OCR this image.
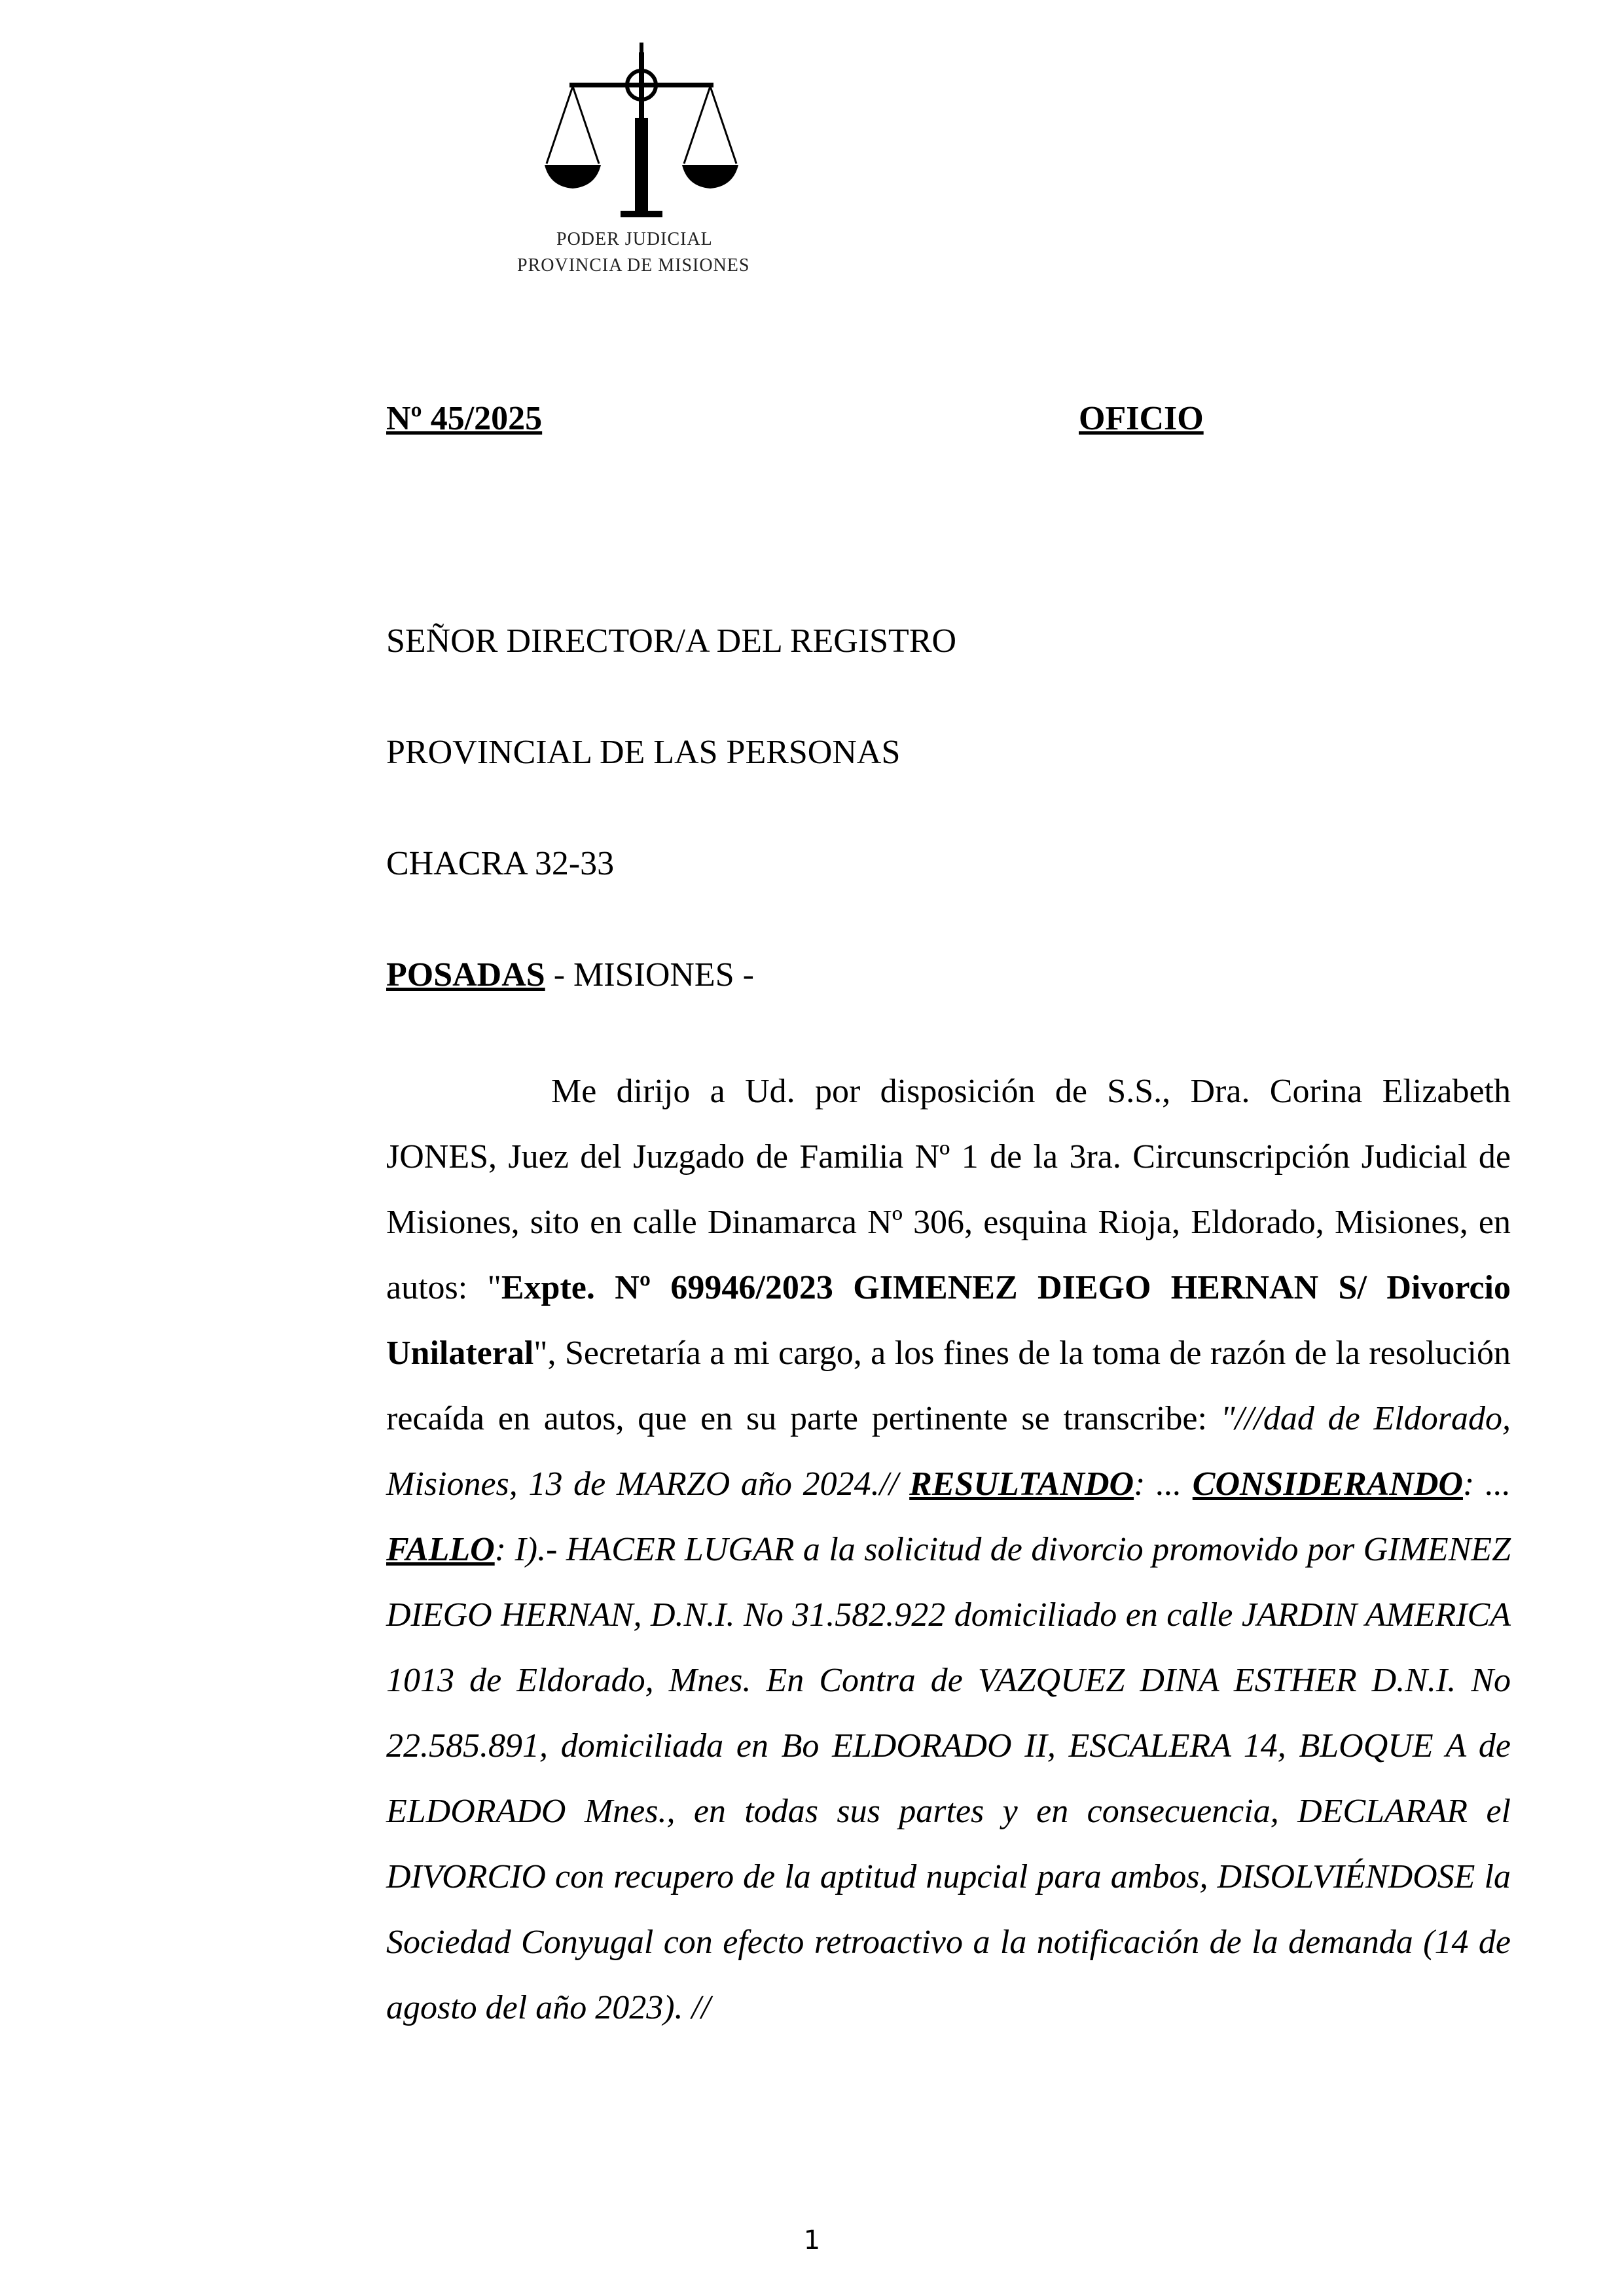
PODER JUDICIAL
PROVINCIA DE MISIONES
Nº 45/2025	OFICIO
SEÑOR DIRECTOR/A DEL REGISTRO
PROVINCIAL DE LAS PERSONAS
CHACRA 32-33
POSADAS - MISIONES -
Me dirijo a Ud. por disposición de S.S., Dra. Corina Elizabeth JONES, Juez del Juzgado de Familia Nº 1 de la 3ra. Circunscripción Judicial de Misiones, sito en calle Dinamarca Nº 306, esquina Rioja, Eldorado, Misiones, en autos: "Expte. Nº 69946/2023 GIMENEZ DIEGO HERNAN S/ Divorcio Unilateral", Secretaría a mi cargo, a los fines de la toma de razón de la resolución recaída en autos, que en su parte pertinente se transcribe: "///dad de Eldorado, Misiones, 13 de MARZO año 2024.// RESULTANDO: ... CONSIDERANDO: ... FALLO: I).- HACER LUGAR a la solicitud de divorcio promovido por GIMENEZ DIEGO HERNAN, D.N.I. No 31.582.922 domiciliado en calle JARDIN AMERICA 1013 de Eldorado, Mnes. En Contra de VAZQUEZ DINA ESTHER D.N.I. No 22.585.891, domiciliada en Bo ELDORADO II, ESCALERA 14, BLOQUE A de ELDORADO Mnes., en todas sus partes y en consecuencia, DECLARAR el DIVORCIO con recupero de la aptitud nupcial para ambos, DISOLVIÉNDOSE la Sociedad Conyugal con efecto retroactivo a la notificación de la demanda (14 de agosto del año 2023). //
1
